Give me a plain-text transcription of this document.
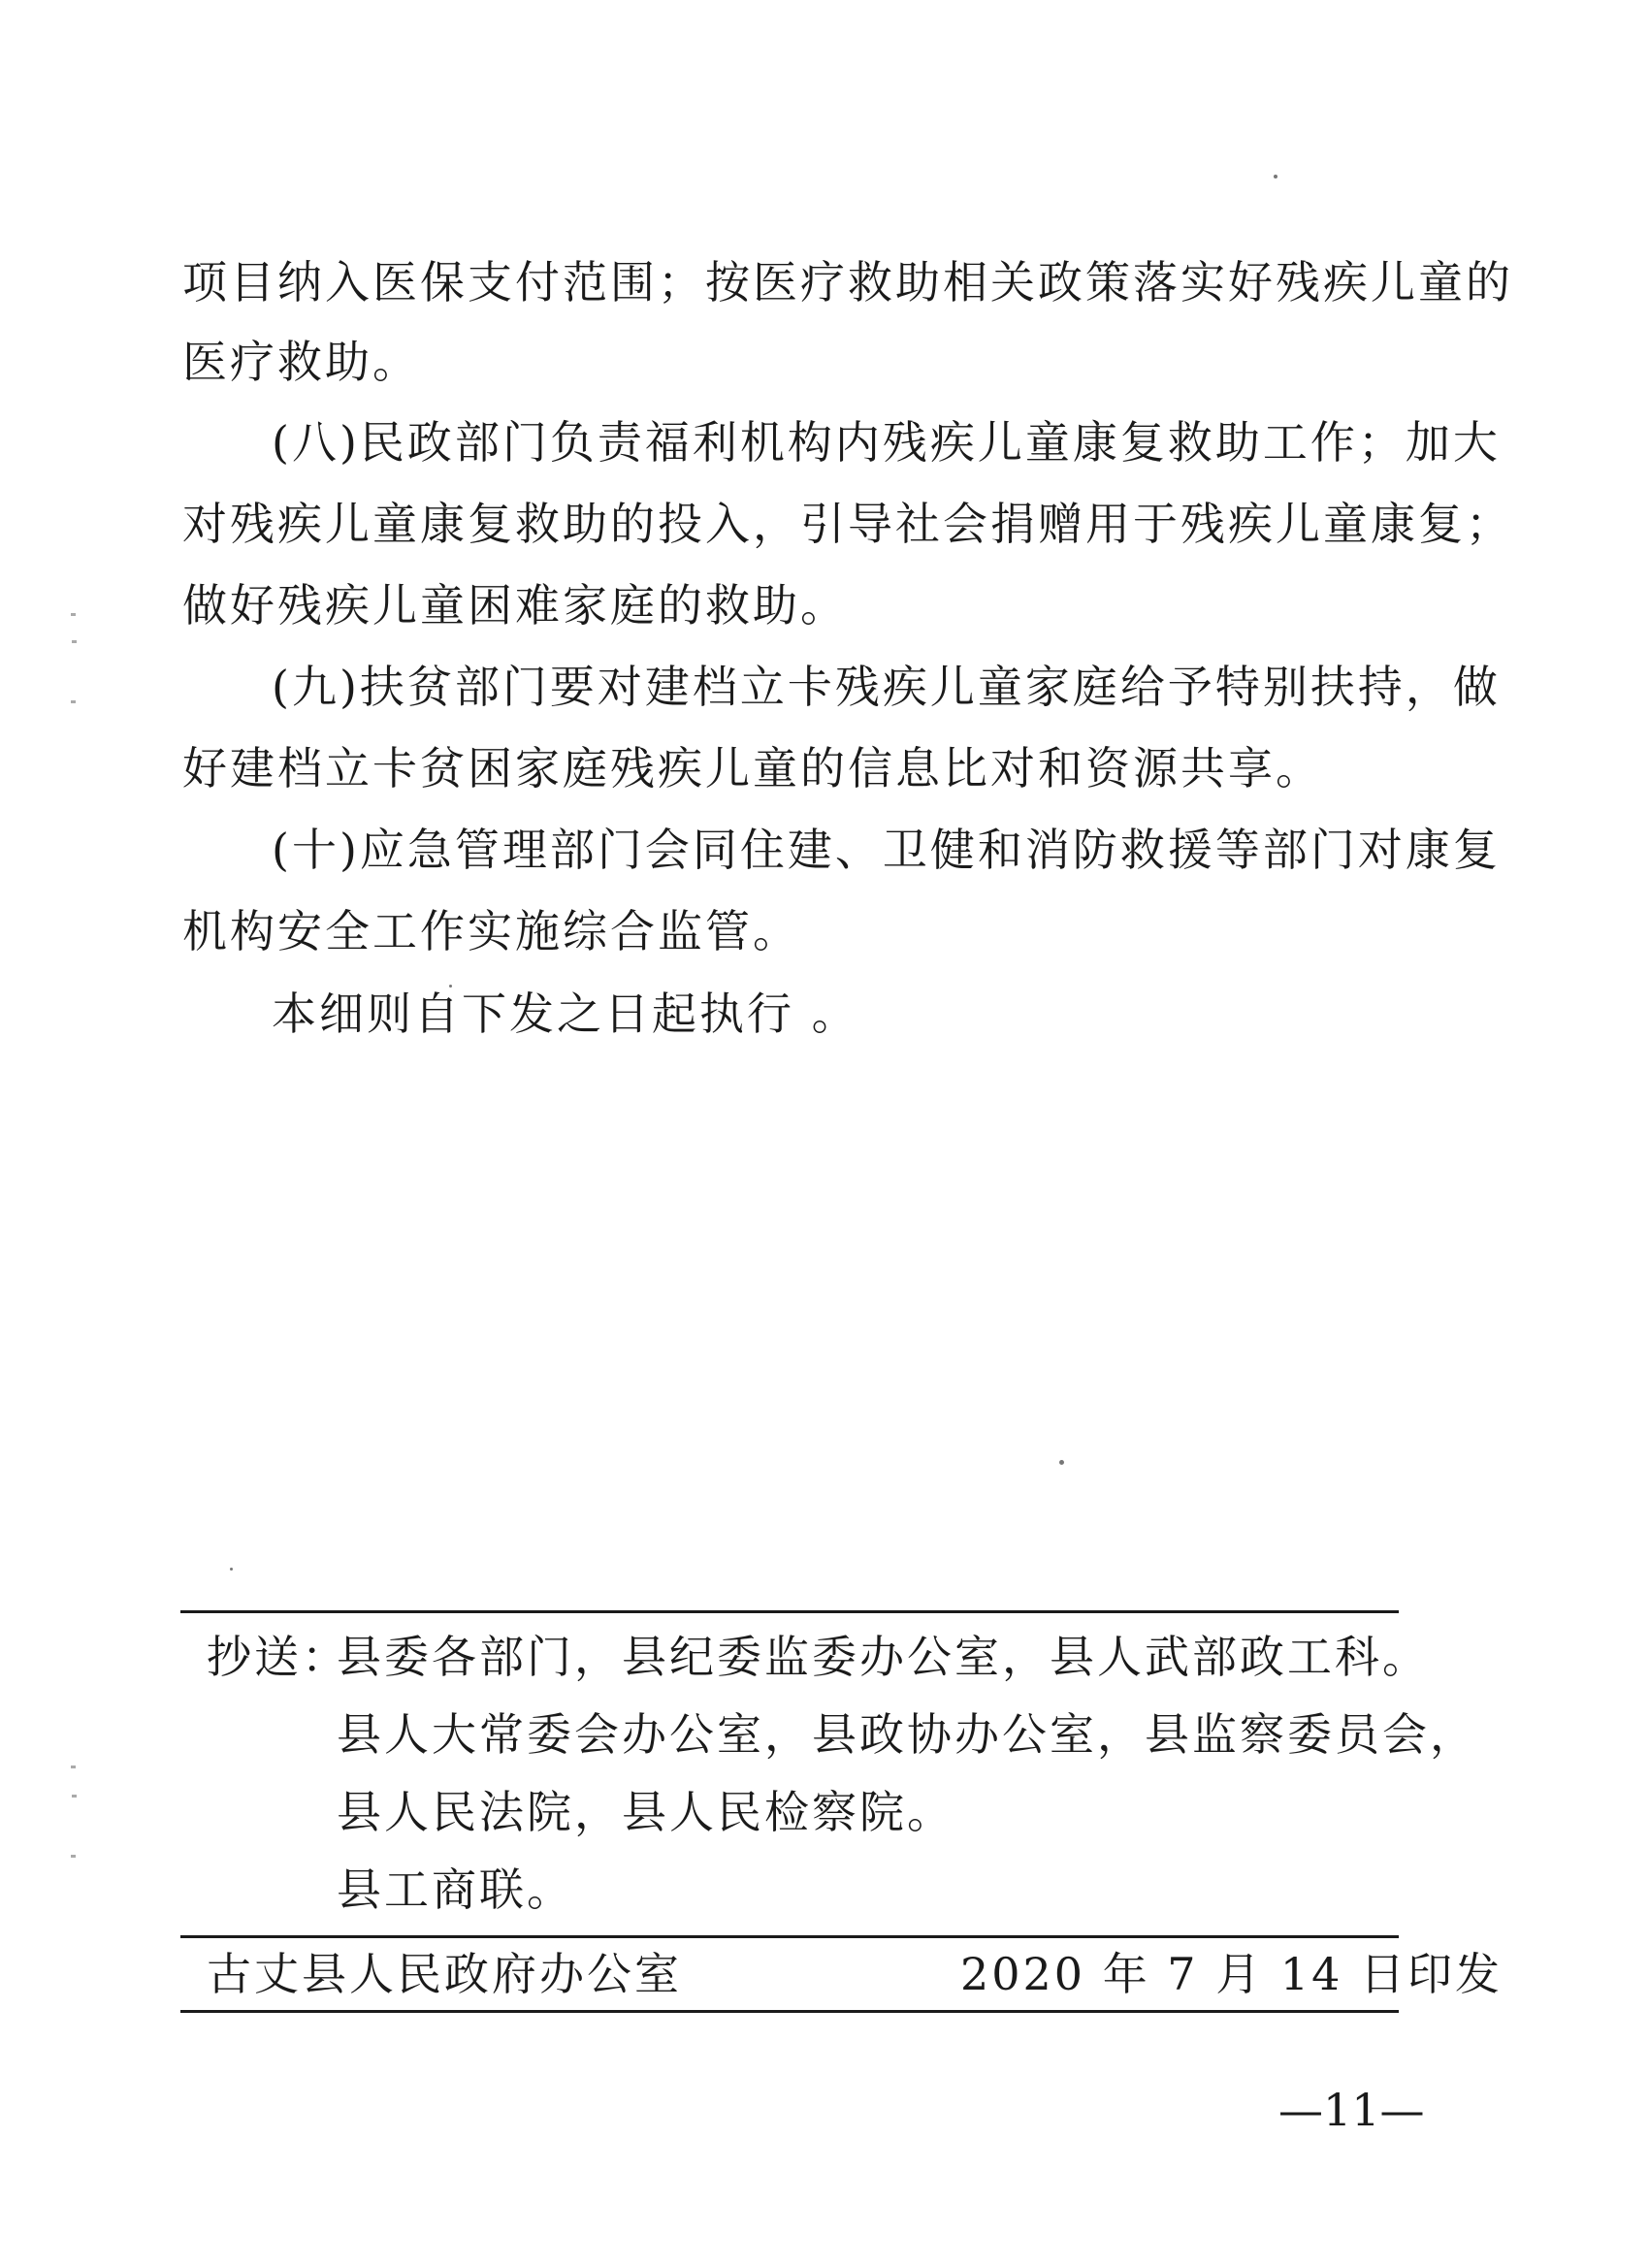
项目纳入医保支付范围；按医疗救助相关政策落实好残疾儿童的
医疗救助。
(八)民政部门负责福利机构内残疾儿童康复救助工作；加大
对残疾儿童康复救助的投入，引导社会捐赠用于残疾儿童康复；
做好残疾儿童困难家庭的救助。
(九)扶贫部门要对建档立卡残疾儿童家庭给予特别扶持，做
好建档立卡贫困家庭残疾儿童的信息比对和资源共享。
(十)应急管理部门会同住建、卫健和消防救援等部门对康复
机构安全工作实施综合监管。
本细则自下发之日起执行 。
抄送：
县委各部门，县纪委监委办公室，县人武部政工科。
县人大常委会办公室，县政协办公室，县监察委员会，
县人民法院，县人民检察院。
县工商联。
古丈县人民政府办公室	2020 年 7 月 14 日印发
—11—
